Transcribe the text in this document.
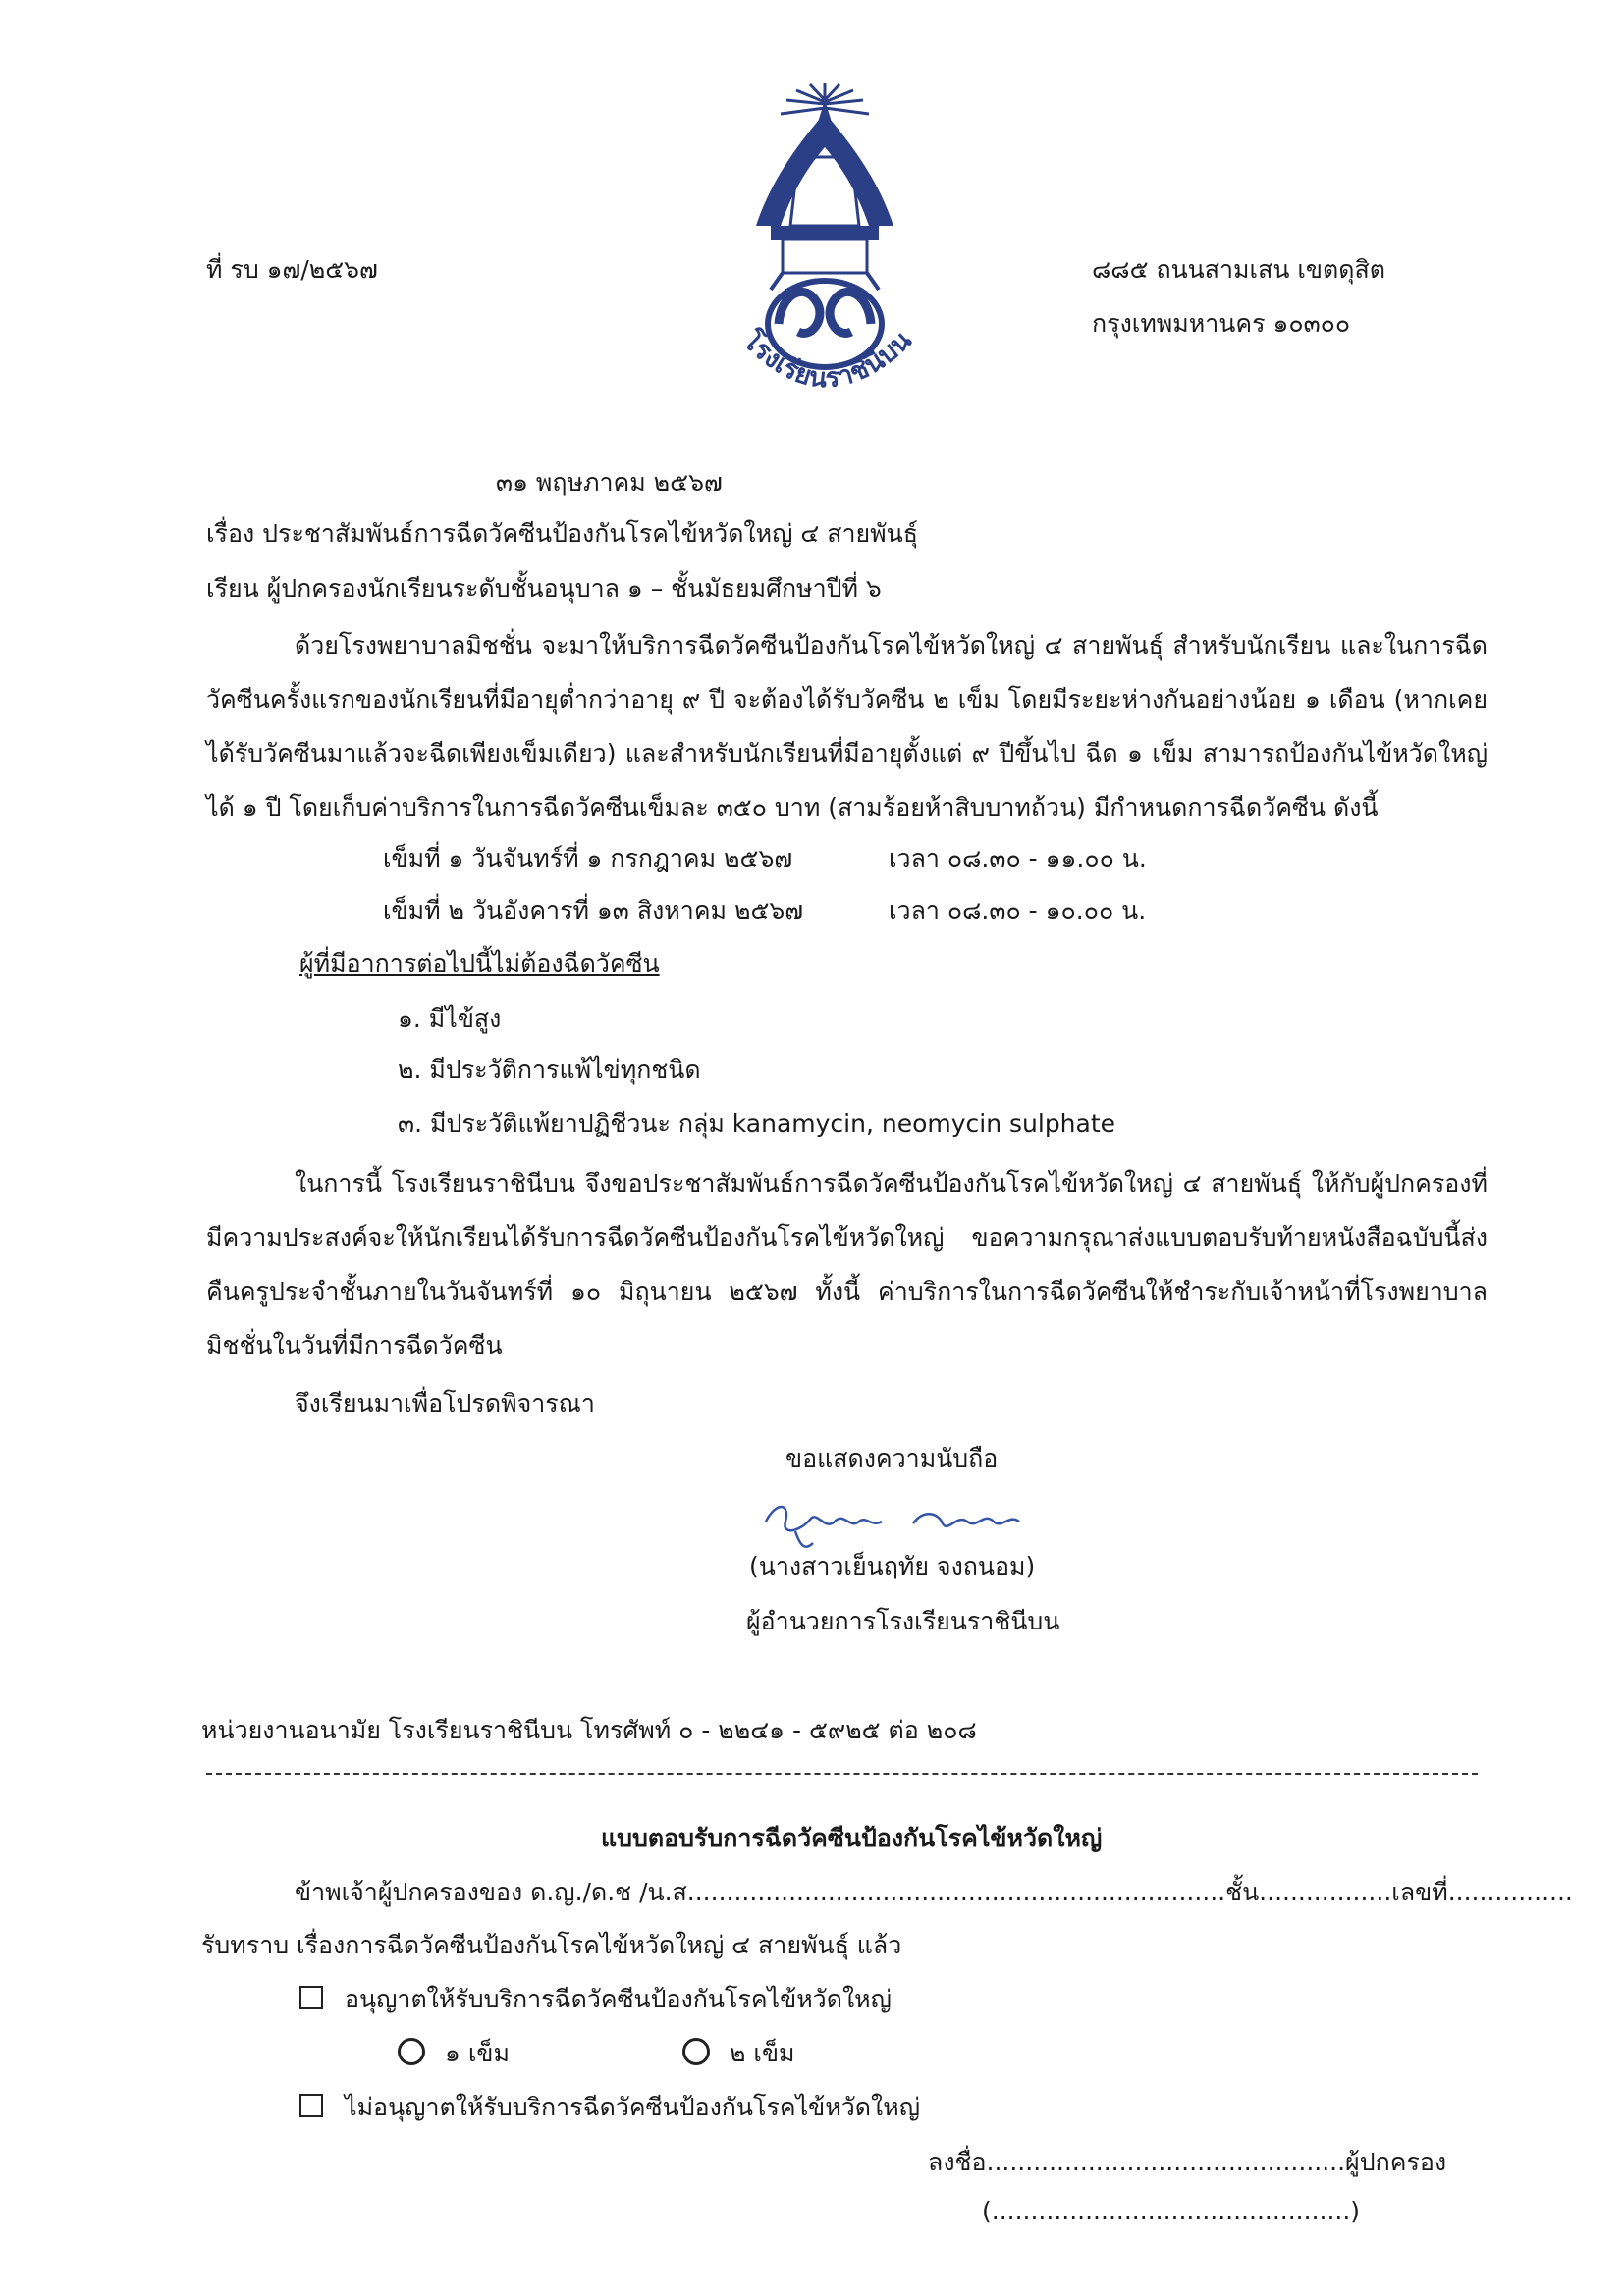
ที่ รบ ๑๗/๒๕๖๗	๘๘๕ ถนนสามเสน เขตดุสิต
กรุงเทพมหานคร ๑๐๓๐๐
โรงเรียนราชินีบน
๓๑ พฤษภาคม ๒๕๖๗
เรื่อง ประชาสัมพันธ์การฉีดวัคซีนป้องกันโรคไข้หวัดใหญ่ ๔ สายพันธุ์
เรียน ผู้ปกครองนักเรียนระดับชั้นอนุบาล ๑ – ชั้นมัธยมศึกษาปีที่ ๖
ด้วยโรงพยาบาลมิชชั่น จะมาให้บริการฉีดวัคซีนป้องกันโรคไข้หวัดใหญ่ ๔ สายพันธุ์ สำหรับนักเรียน และในการฉีดวัคซีนครั้งแรกของนักเรียนที่มีอายุต่ำกว่าอายุ ๙ ปี จะต้องได้รับวัคซีน ๒ เข็ม โดยมีระยะห่างกันอย่างน้อย ๑ เดือน (หากเคยได้รับวัคซีนมาแล้วจะฉีดเพียงเข็มเดียว) และสำหรับนักเรียนที่มีอายุตั้งแต่ ๙ ปีขึ้นไป ฉีด ๑ เข็ม สามารถป้องกันไข้หวัดใหญ่ได้ ๑ ปี โดยเก็บค่าบริการในการฉีดวัคซีนเข็มละ ๓๕๐ บาท (สามร้อยห้าสิบบาทถ้วน) มีกำหนดการฉีดวัคซีน ดังนี้
เข็มที่ ๑ วันจันทร์ที่ ๑ กรกฎาคม ๒๕๖๗	เวลา ๐๘.๓๐ - ๑๑.๐๐ น.
เข็มที่ ๒ วันอังคารที่ ๑๓ สิงหาคม ๒๕๖๗	เวลา ๐๘.๓๐ - ๑๐.๐๐ น.
ผู้ที่มีอาการต่อไปนี้ไม่ต้องฉีดวัคซีน
๑. มีไข้สูง
๒. มีประวัติการแพ้ไข่ทุกชนิด
๓. มีประวัติแพ้ยาปฏิชีวนะ กลุ่ม kanamycin, neomycin sulphate
ในการนี้ โรงเรียนราชินีบน จึงขอประชาสัมพันธ์การฉีดวัคซีนป้องกันโรคไข้หวัดใหญ่ ๔ สายพันธุ์ ให้กับผู้ปกครองที่มีความประสงค์จะให้นักเรียนได้รับการฉีดวัคซีนป้องกันโรคไข้หวัดใหญ่ ขอความกรุณาส่งแบบตอบรับท้ายหนังสือฉบับนี้ส่งคืนครูประจำชั้นภายในวันจันทร์ที่ ๑๐ มิถุนายน ๒๕๖๗ ทั้งนี้ ค่าบริการในการฉีดวัคซีนให้ชำระกับเจ้าหน้าที่โรงพยาบาลมิชชั่นในวันที่มีการฉีดวัคซีน
จึงเรียนมาเพื่อโปรดพิจารณา
ขอแสดงความนับถือ
(นางสาวเย็นฤทัย จงถนอม)
ผู้อำนวยการโรงเรียนราชินีบน
หน่วยงานอนามัย โรงเรียนราชินีบน โทรศัพท์ ๐ - ๒๒๔๑ - ๕๙๒๕ ต่อ ๒๐๘
แบบตอบรับการฉีดวัคซีนป้องกันโรคไข้หวัดใหญ่
ข้าพเจ้าผู้ปกครองของ ด.ญ./ด.ช /น.ส.....................................................................ชั้น.................เลขที่................
รับทราบ เรื่องการฉีดวัคซีนป้องกันโรคไข้หวัดใหญ่ ๔ สายพันธุ์ แล้ว
อนุญาตให้รับบริการฉีดวัคซีนป้องกันโรคไข้หวัดใหญ่
๑ เข็ม	๒ เข็ม
ไม่อนุญาตให้รับบริการฉีดวัคซีนป้องกันโรคไข้หวัดใหญ่
ลงชื่อ..............................................ผู้ปกครอง
(..............................................)
